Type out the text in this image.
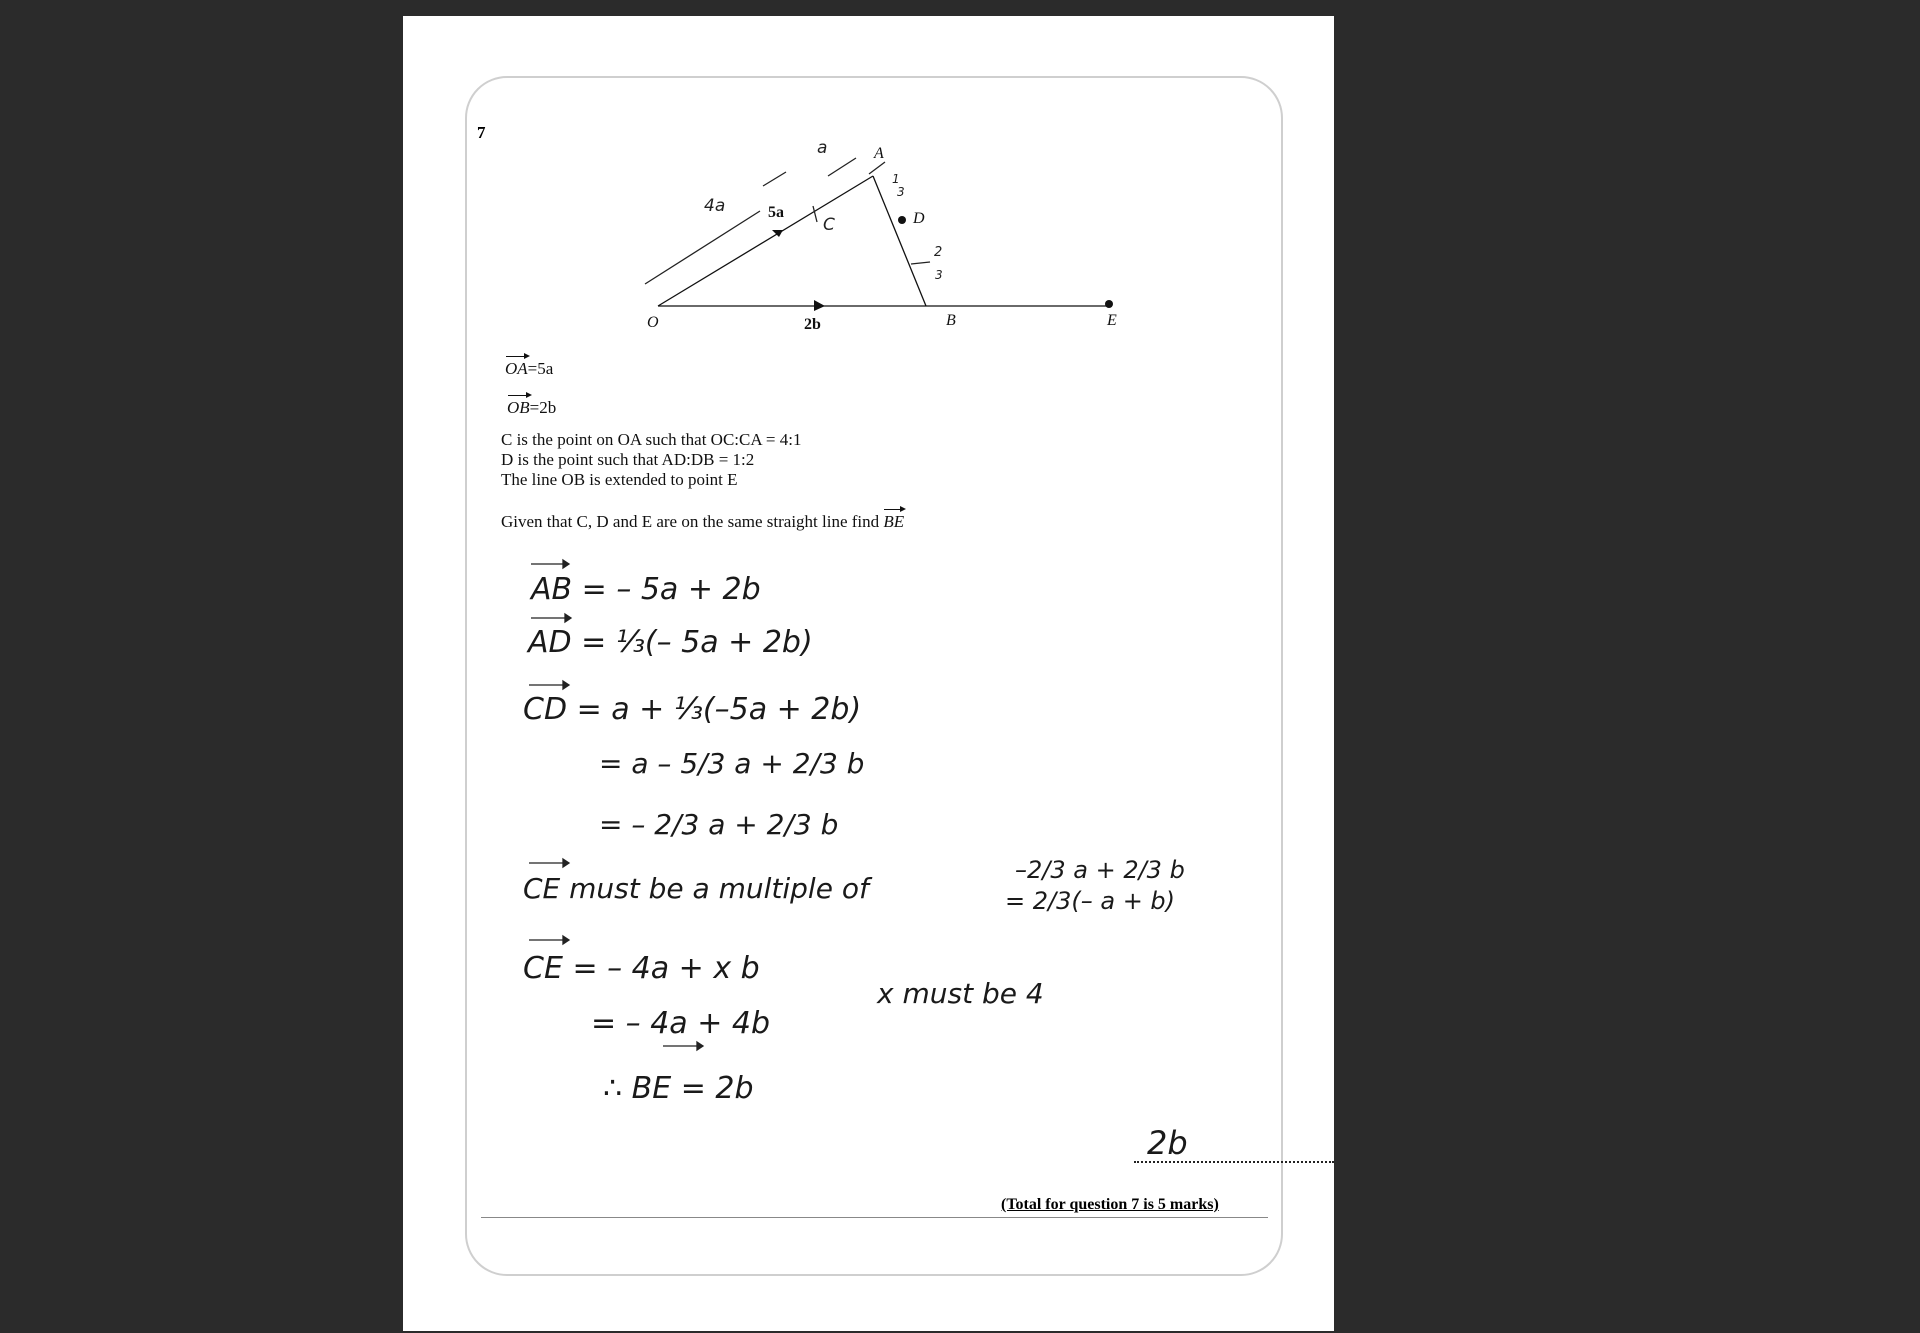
7
A
D
B	E
O
5a
2b
a
4a
C
1
3
2
3
OA=5a
OB=2b
C is the point on OA such that OC:CA = 4:1
D is the point such that AD:DB = 1:2
The line OB is extended to point E
Given that C, D and E are on the same straight line find BE
AB = – 5a + 2b
AD = ⅓(– 5a + 2b)
CD = a + ⅓(–5a + 2b)
= a – 5/3 a + 2/3 b
= – 2/3 a + 2/3 b
CE must be a multiple of
–2/3 a + 2/3 b
= 2/3(– a + b)
CE = – 4a + x b
= – 4a + 4b
x must be 4
∴ BE = 2b
2b
(Total for question 7 is 5 marks)
